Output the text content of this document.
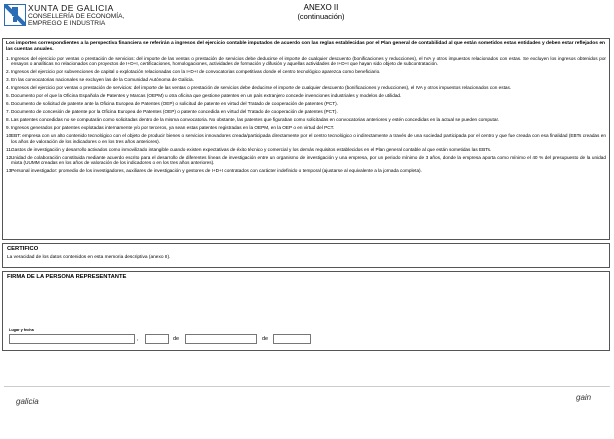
XUNTA DE GALICIA
CONSELLERÍA DE ECONOMÍA,
EMPREGO E INDUSTRIA
ANEXO II
(continuación)
Los importes correspondientes a la perspectiva financiera se referirán a ingresos del ejercicio contable imputados de acuerdo con las reglas establecidas por el Plan general de contabilidad al que están sometidos estas entidades y deben estar reflejados en las cuentas anuales.
1. Ingresos del ejercicio por ventas o prestación de servicios: del importe de las ventas o prestación de servicios debe deducirse el importe de cualquier descuento (bonificaciones y reducciones), el IVA y otros impuestos relacionados con estas. Se excluyen los ingresos obtenidos por ensayos o analíticas no relacionados con proyectos de I+D+I, certificaciones, homologaciones, actividades de formación y difusión y aquellas actividades de I+D+I que hayan sido objeto de subcontratación.
2. Ingresos del ejercicio por subvenciones de capital o explotación relacionadas con la I+D+I de convocatorias competitivas donde el centro tecnológico aparezca como beneficiario.
3. En las convocatorias nacionales se excluyen las de la Comunidad Autónoma de Galicia.
4. Ingresos del ejercicio por ventas o prestación de servicios: del importe de las ventas o prestación de servicios debe deducirse el importe de cualquier descuento (bonificaciones y reducciones), el IVA y otros impuestos relacionados con estas.
5. Documento por el que la Oficina Española de Patentes y Marcas (OEPM) u otra oficina que gestione patentes en un país extranjero concede invenciones industriales y modelos de utilidad.
6. Documento de solicitud de patente ante la Oficina Europea de Patentes (OEP) o solicitud de patente en virtud del Tratado de cooperación de patentes (PCT).
7. Documento de concesión de patente por la Oficina Europea de Patentes (OEP) o patente concedida en virtud del Tratado de cooperación de patentes (PCT).
8. Las patentes concedidas no se computarán como solicitadas dentro de la misma convocatoria. No obstante, las patentes que figuraban como solicitadas en convocatorias anteriores y estén concedidas en la actual se pueden computar.
9. Ingresos generados por patentes explotadas internamente y/o por terceros, ya sean estas patentes registradas en la OEPM, en la OEP o en virtud del PCT.
10.
EBT: empresa con un alto contenido tecnológico con el objeto de producir bienes o servicios innovadores creada/participada directamente por el centro tecnológico o indirectamente a través de una sociedad participada por el centro y que fue creada con esa finalidad (EBTs creadas en los años de valoración de los indicadores o en los tres años anteriores).
11.
Gastos de investigación y desarrollo activados como inmovilizado intangible cuando existen expectativas de éxito técnico y comercial y los demás requisitos establecidos en el Plan general contable al que están sometidas las EBTs.
12.
Unidad de colaboración constituida mediante acuerdo escrito para el desarrollo de diferentes líneas de investigación entre un organismo de investigación y una empresa, por un periodo mínimo de 3 años, donde la empresa aporta como mínimo el 40 % del presupuesto de la unidad mixta (UUMM creadas en los años de valoración de los indicadores o en los tres años anteriores).
13.
Personal investigador: promedio de los investigadores, auxiliares de investigación y gestores de I+D+I contratados con carácter indefinido o temporal (ajustarse al equivalente a la jornada completa).
CERTIFICO
La veracidad de los datos contenidos en esta memoria descriptiva (anexo II).
FIRMA DE LA PERSONA REPRESENTANTE
Lugar y fecha
,	de	de
galicia	gain
